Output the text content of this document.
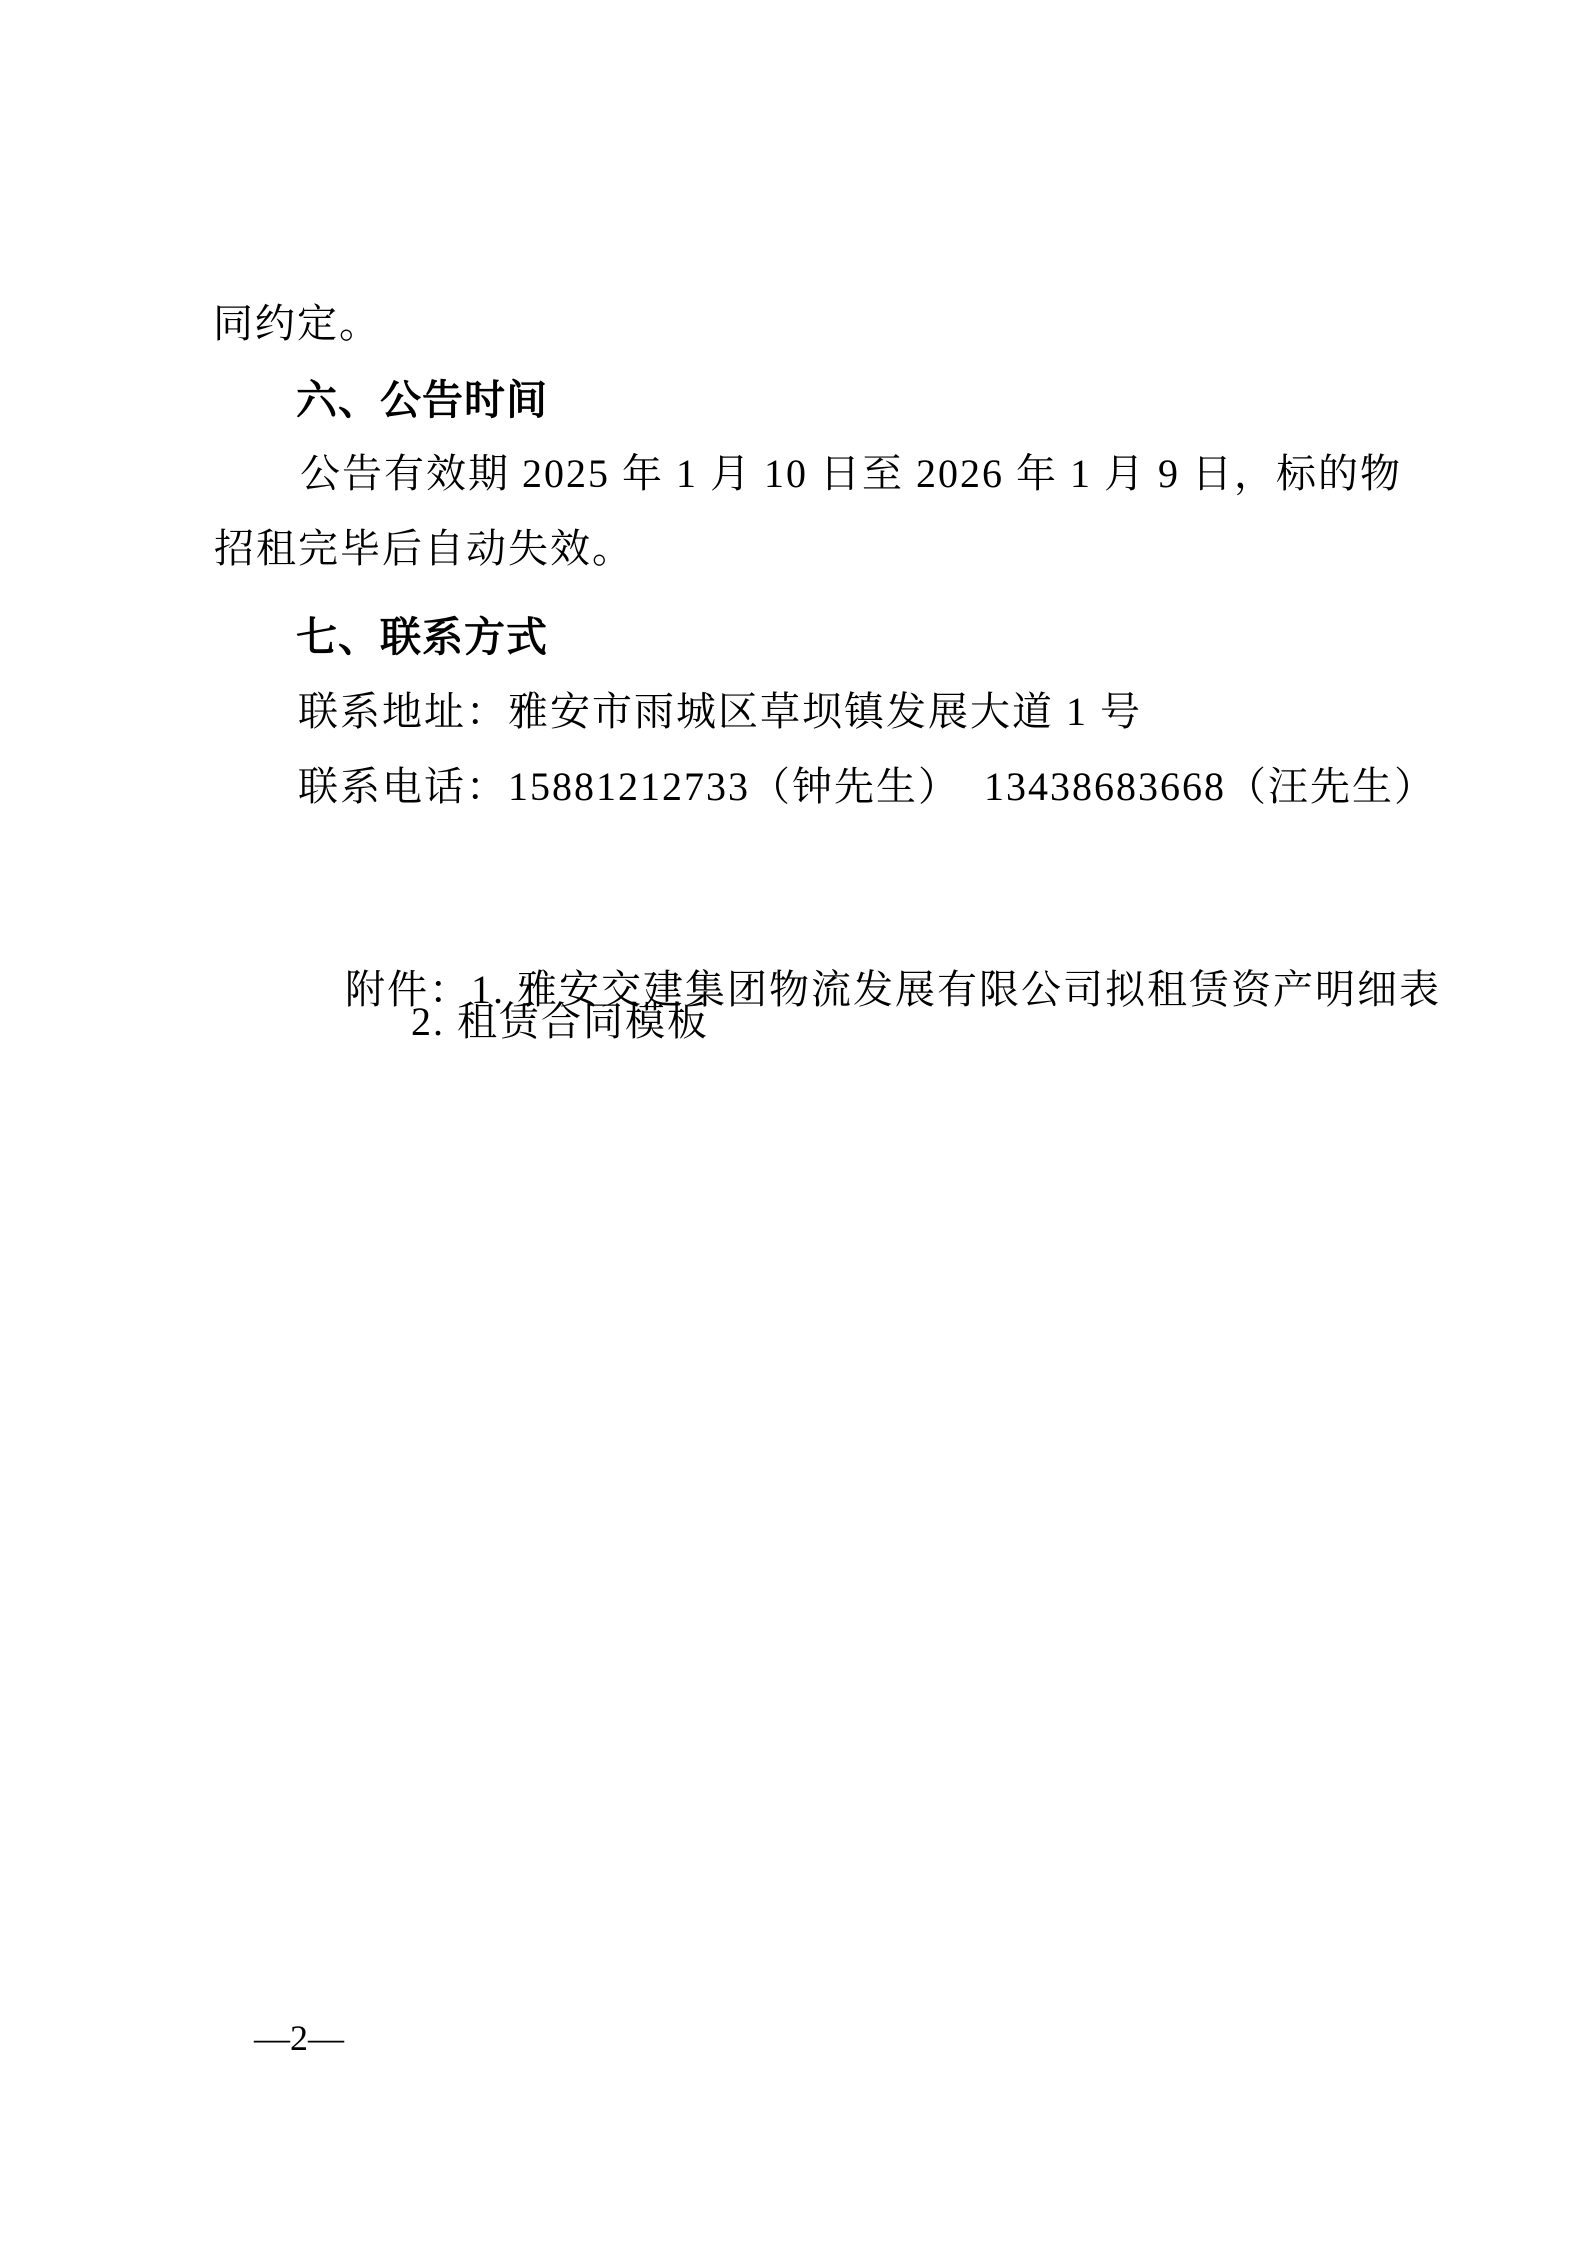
同约定。
六、公告时间
公告有效期 2025 年 1 月 10 日至 2026 年 1 月 9 日，标的物
招租完毕后自动失效。
七、联系方式
联系地址：雅安市雨城区草坝镇发展大道 1 号
联系电话：15881212733（钟先生）  13438683668（汪先生）

附件：1. 雅安交建集团物流发展有限公司拟租赁资产明细表

2. 租赁合同模板
—2—
